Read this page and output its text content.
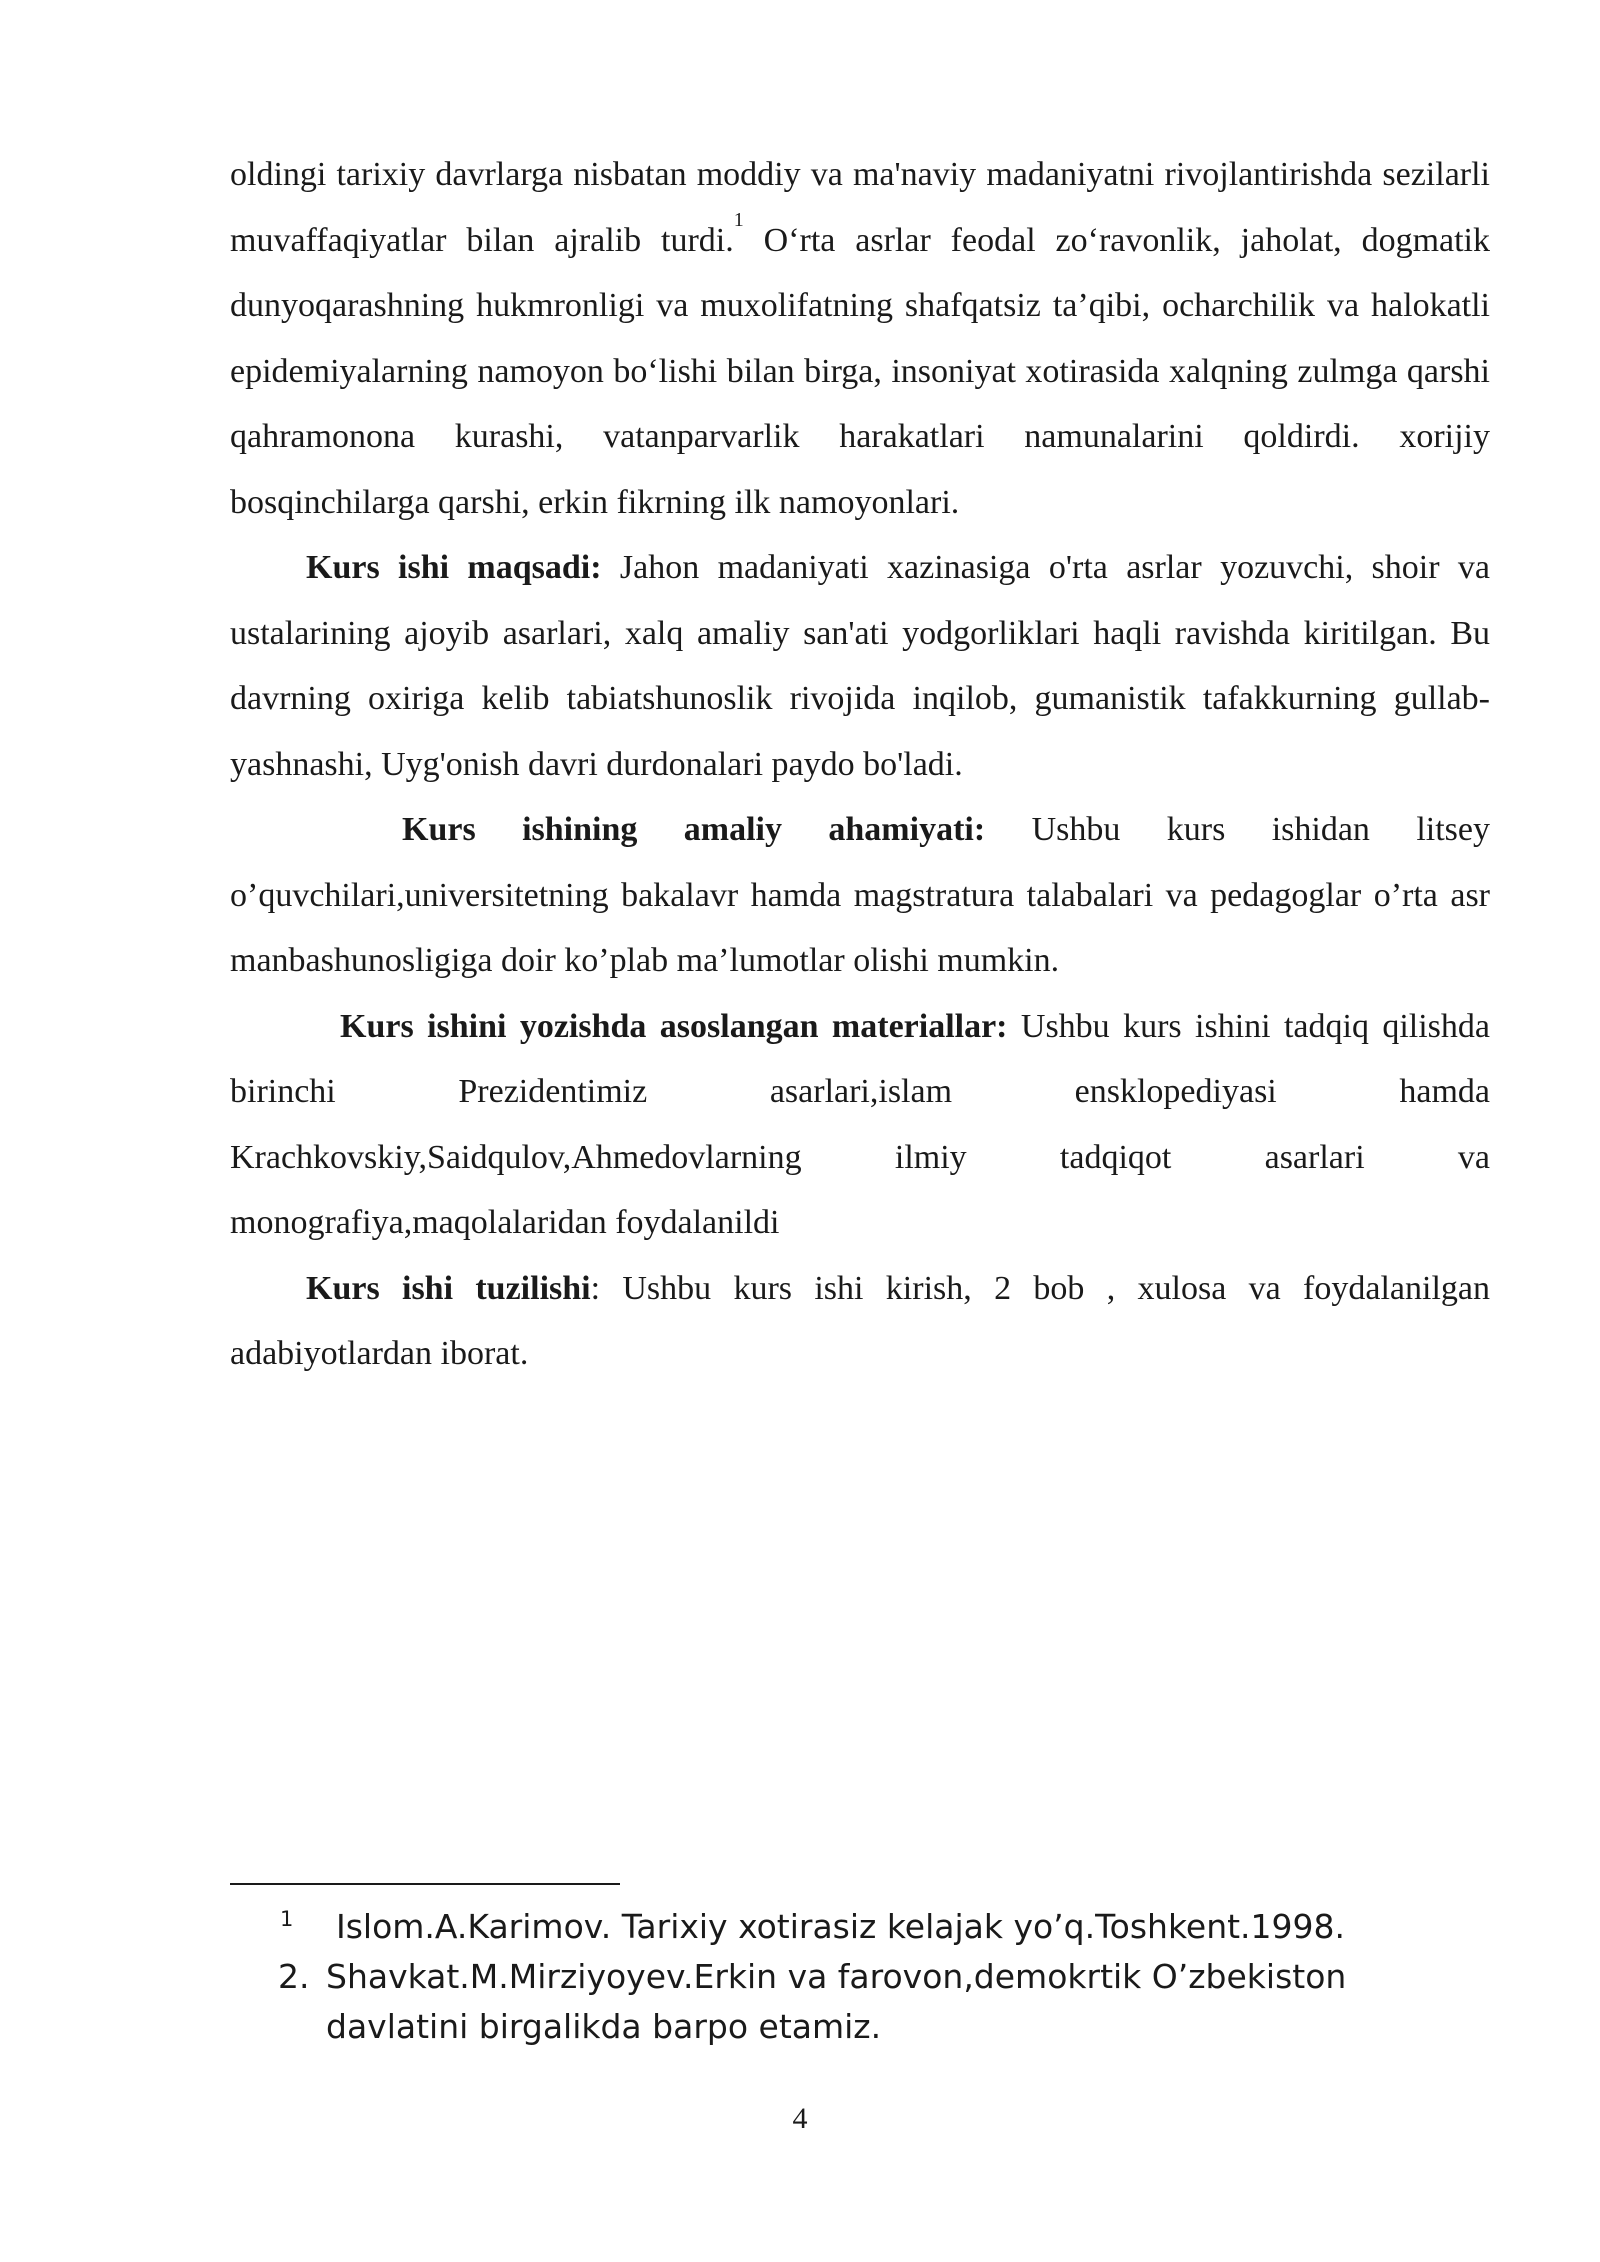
oldingi tarixiy davrlarga nisbatan moddiy va ma'naviy madaniyatni rivojlantirishda sezilarli muvaffaqiyatlar bilan ajralib turdi.$^1$ O‘rta asrlar feodal zo‘ravonlik, jaholat, dogmatik dunyoqarashning hukmronligi va muxolifatning shafqatsiz ta’qibi, ocharchilik va halokatli epidemiyalarning namoyon bo‘lishi bilan birga, insoniyat xotirasida xalqning zulmga qarshi qahramonona kurashi, vatanparvarlik harakatlari namunalarini qoldirdi. xorijiy bosqinchilarga qarshi, erkin fikrning ilk namoyonlari.

Kurs ishi maqsadi: Jahon madaniyati xazinasiga o'rta asrlar yozuvchi, shoir va ustalarining ajoyib asarlari, xalq amaliy san'ati yodgorliklari haqli ravishda kiritilgan. Bu davrning oxiriga kelib tabiatshunoslik rivojida inqilob, gumanistik tafakkurning gullab-yashnashi, Uyg'onish davri durdonalari paydo bo'ladi.

Kurs ishining amaliy ahamiyati: Ushbu kurs ishidan litsey o’quvchilari,universitetning bakalavr hamda magstratura talabalari va pedagoglar o’rta asr manbashunosligiga doir ko’plab ma’lumotlar olishi mumkin.

Kurs ishini yozishda asoslangan materiallar: Ushbu kurs ishini tadqiq qilishda birinchi Prezidentimiz asarlari,islam ensklopediyasi hamda Krachkovskiy,Saidqulov,Ahmedovlarning ilmiy tadqiqot asarlari va monografiya,maqolalaridan foydalanildi

Kurs ishi tuzilishi: Ushbu kurs ishi kirish, 2 bob , xulosa va foydalanilgan adabiyotlardan iborat.

1 Islom.A.Karimov. Tarixiy xotirasiz kelajak yo’q.Toshkent.1998.
2. Shavkat.M.Mirziyoyev.Erkin va farovon,demokrtik O’zbekiston davlatini birgalikda barpo etamiz.
4
